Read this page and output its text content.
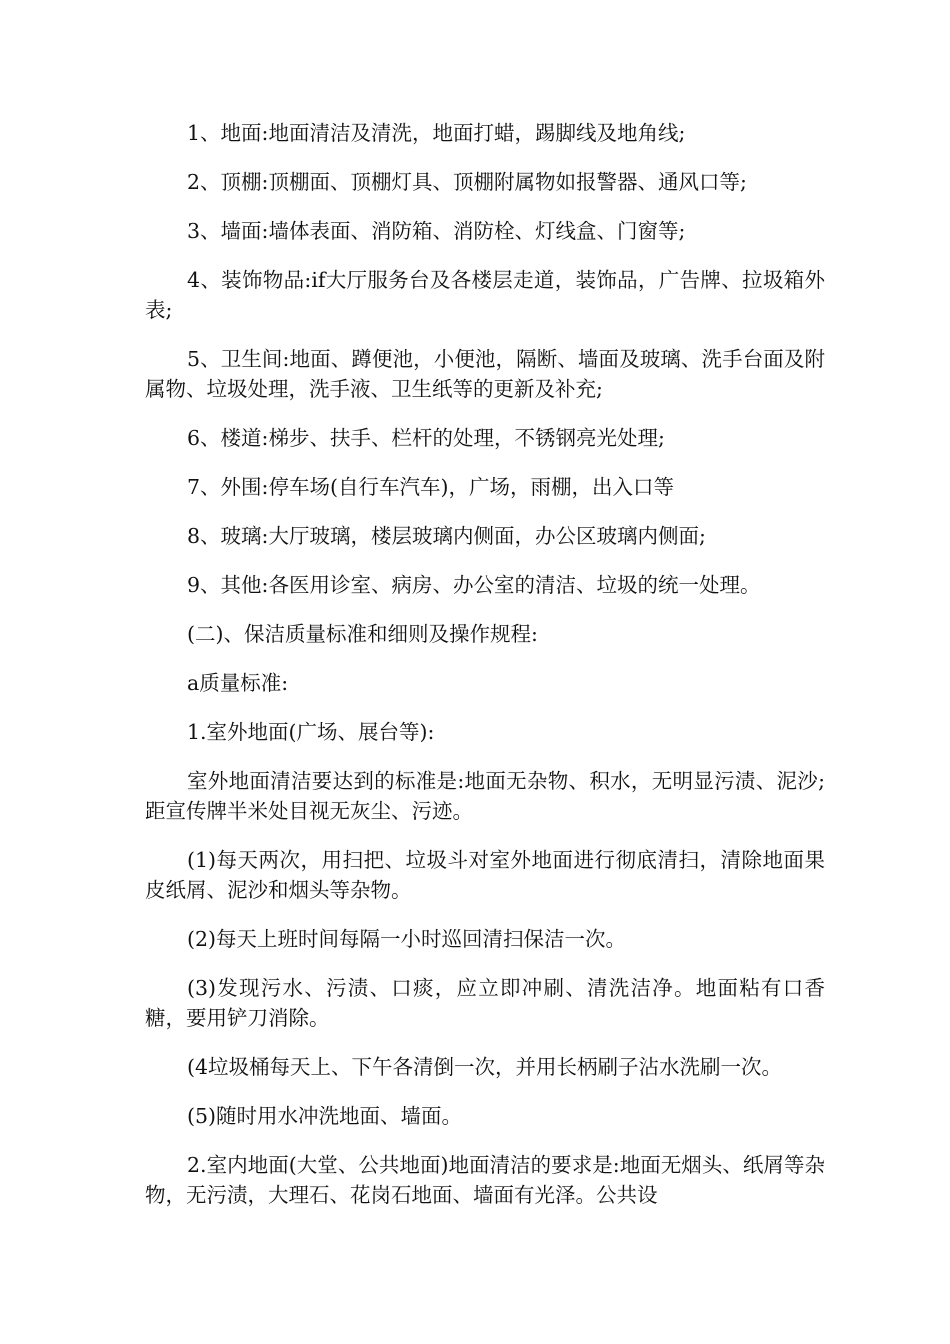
1、地面:地面清洁及清洗，地面打蜡，踢脚线及地角线;

2、顶棚:顶棚面、顶棚灯具、顶棚附属物如报警器、通风口等;

3、墙面:墙体表面、消防箱、消防栓、灯线盒、门窗等;

4、装饰物品:if大厅服务台及各楼层走道，装饰品，广告牌、拉圾箱外表;

5、卫生间:地面、蹲便池，小便池，隔断、墙面及玻璃、洗手台面及附属物、垃圾处理，洗手液、卫生纸等的更新及补充;

6、楼道:梯步、扶手、栏杆的处理，不锈钢亮光处理;

7、外围:停车场(自行车汽车)，广场，雨棚，出入口等

8、玻璃:大厅玻璃，楼层玻璃内侧面，办公区玻璃内侧面;

9、其他:各医用诊室、病房、办公室的清洁、垃圾的统一处理。

(二)、保洁质量标准和细则及操作规程:

a质量标准:

1.室外地面(广场、展台等):

室外地面清洁要达到的标准是:地面无杂物、积水，无明显污渍、泥沙;距宣传牌半米处目视无灰尘、污迹。

(1)每天两次，用扫把、垃圾斗对室外地面进行彻底清扫，清除地面果皮纸屑、泥沙和烟头等杂物。

(2)每天上班时间每隔一小时巡回清扫保洁一次。

(3)发现污水、污渍、口痰，应立即冲刷、清洗洁净。地面粘有口香糖，要用铲刀消除。

(4垃圾桶每天上、下午各清倒一次，并用长柄刷子沾水洗刷一次。

(5)随时用水冲洗地面、墙面。

2.室内地面(大堂、公共地面)地面清洁的要求是:地面无烟头、纸屑等杂物，无污渍，大理石、花岗石地面、墙面有光泽。公共设
